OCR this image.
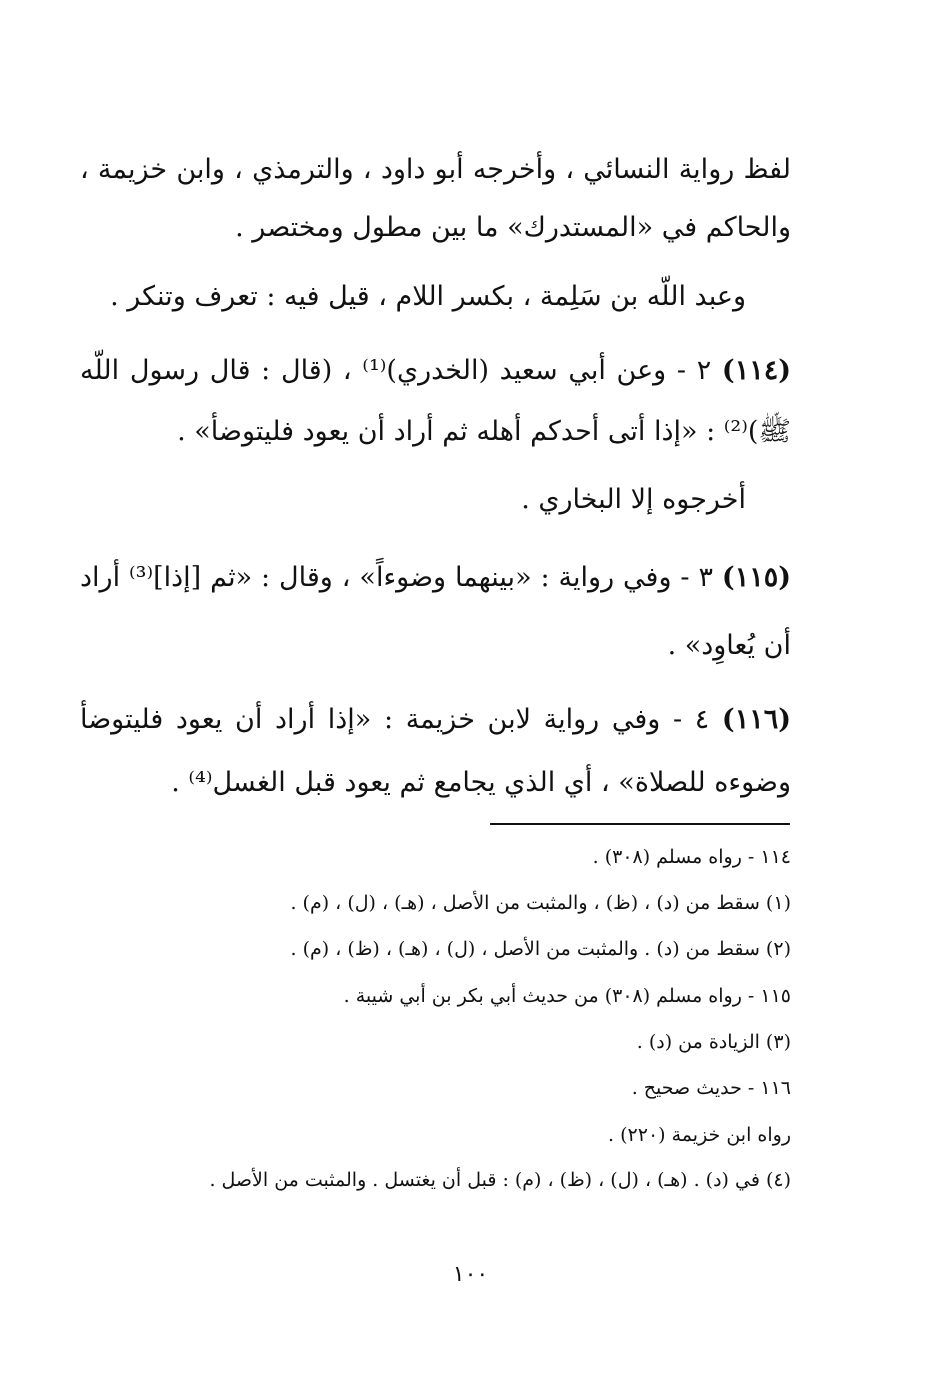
لفظ رواية النسائي ، وأخرجه أبو داود ، والترمذي ، وابن خزيمة ،
والحاكم في «المستدرك» ما بين مطول ومختصر .
وعبد اللّه بن سَلِمة ، بكسر اللام ، قيل فيه : تعرف وتنكر .
(١١٤) ٢ - وعن أبي سعيد (الخدري)⁽¹⁾ ، (قال : قال رسول اللّه
ﷺ)⁽²⁾ : «إذا أتى أحدكم أهله ثم أراد أن يعود فليتوضأ» .
أخرجوه إلا البخاري .
(١١٥) ٣ - وفي رواية : «بينهما وضوءاً» ، وقال : «ثم [إذا]⁽³⁾ أراد
أن يُعاوِد» .
(١١٦) ٤ - وفي رواية لابن خزيمة : «إذا أراد أن يعود فليتوضأ
وضوءه للصلاة» ، أي الذي يجامع ثم يعود قبل الغسل⁽⁴⁾ .
١١٤ - رواه مسلم (٣٠٨) .
(١) سقط من (د) ، (ظ) ، والمثبت من الأصل ، (هـ) ، (ل) ، (م) .
(٢) سقط من (د) . والمثبت من الأصل ، (ل) ، (هـ) ، (ظ) ، (م) .
١١٥ - رواه مسلم (٣٠٨) من حديث أبي بكر بن أبي شيبة .
(٣) الزيادة من (د) .
١١٦ - حديث صحيح .
رواه ابن خزيمة (٢٢٠) .
(٤) في (د) . (هـ) ، (ل) ، (ظ) ، (م) : قبل أن يغتسل . والمثبت من الأصل .
١٠٠
